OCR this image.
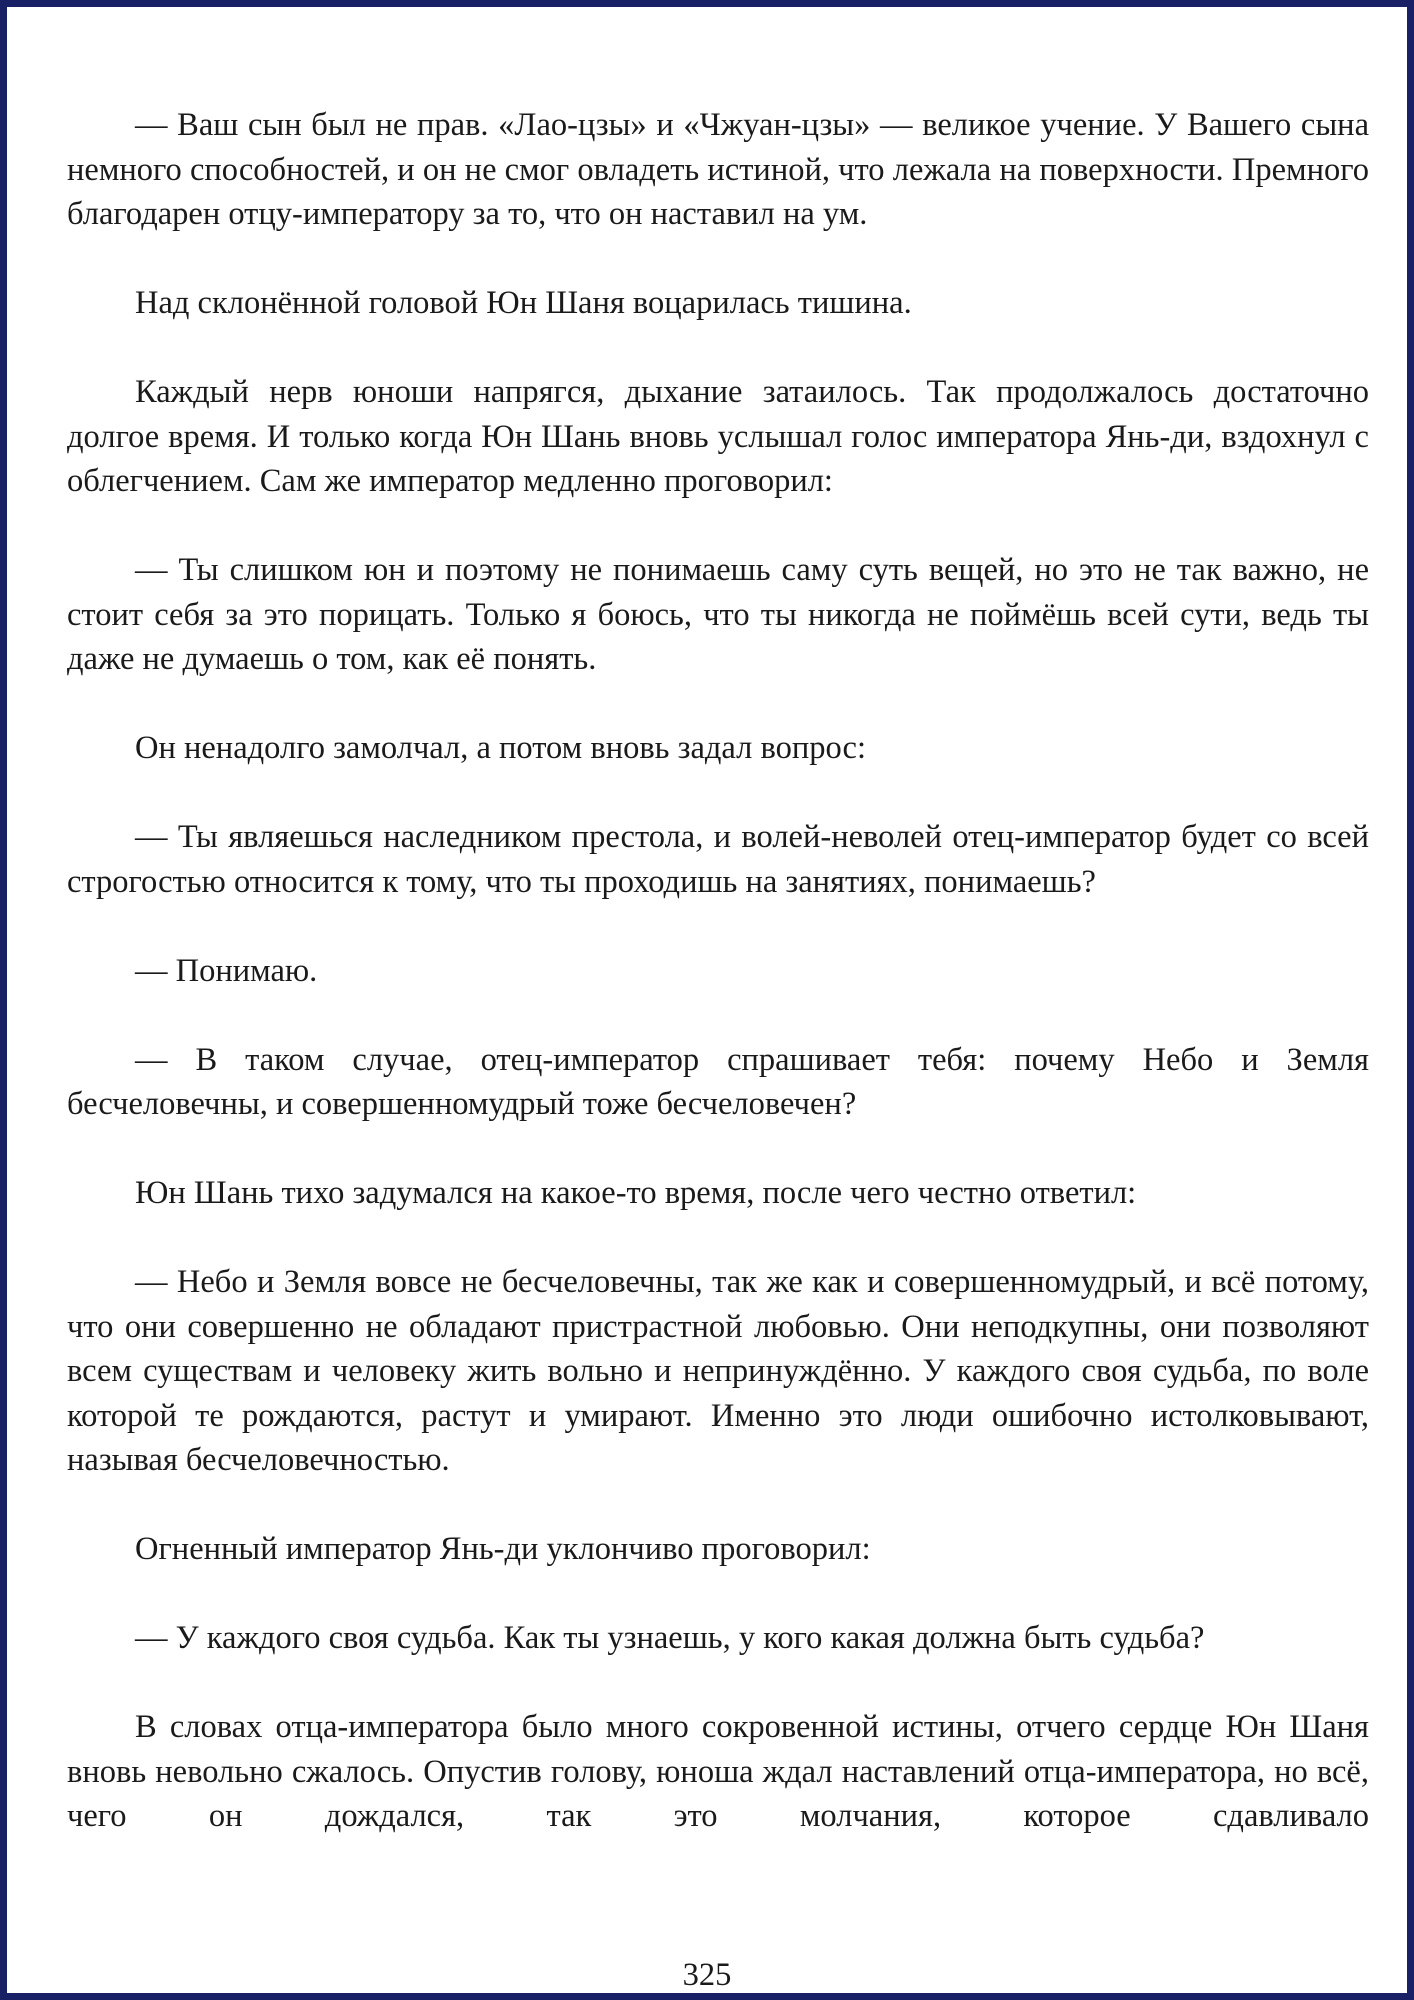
— Ваш сын был не прав. «Лао-цзы» и «Чжуан-цзы» — великое учение. У Вашего сына немного способностей, и он не смог овладеть истиной, что лежала на поверхности. Премного благодарен отцу-императору за то, что он наставил на ум.

Над склонённой головой Юн Шаня воцарилась тишина.

Каждый нерв юноши напрягся, дыхание затаилось. Так продолжалось достаточно долгое время. И только когда Юн Шань вновь услышал голос императора Янь-ди, вздохнул с облегчением. Сам же император медленно проговорил:

— Ты слишком юн и поэтому не понимаешь саму суть вещей, но это не так важно, не стоит себя за это порицать. Только я боюсь, что ты никогда не поймёшь всей сути, ведь ты даже не думаешь о том, как её понять.

Он ненадолго замолчал, а потом вновь задал вопрос:

— Ты являешься наследником престола, и волей-неволей отец-император будет со всей строгостью относится к тому, что ты проходишь на занятиях, понимаешь?

— Понимаю.

— В таком случае, отец-император спрашивает тебя: почему Небо и Земля бесчеловечны, и совершенномудрый тоже бесчеловечен?

Юн Шань тихо задумался на какое-то время, после чего честно ответил:

— Небо и Земля вовсе не бесчеловечны, так же как и совершенномудрый, и всё потому, что они совершенно не обладают пристрастной любовью. Они неподкупны, они позволяют всем существам и человеку жить вольно и непринуждённо. У каждого своя судьба, по воле которой те рождаются, растут и умирают. Именно это люди ошибочно истолковывают, называя бесчеловечностью.

Огненный император Янь-ди уклончиво проговорил:

— У каждого своя судьба. Как ты узнаешь, у кого какая должна быть судьба?

В словах отца-императора было много сокровенной истины, отчего сердце Юн Шаня вновь невольно сжалось. Опустив голову, юноша ждал наставлений отца-императора, но всё, чего он дождался, так это молчания, которое сдавливало

325
